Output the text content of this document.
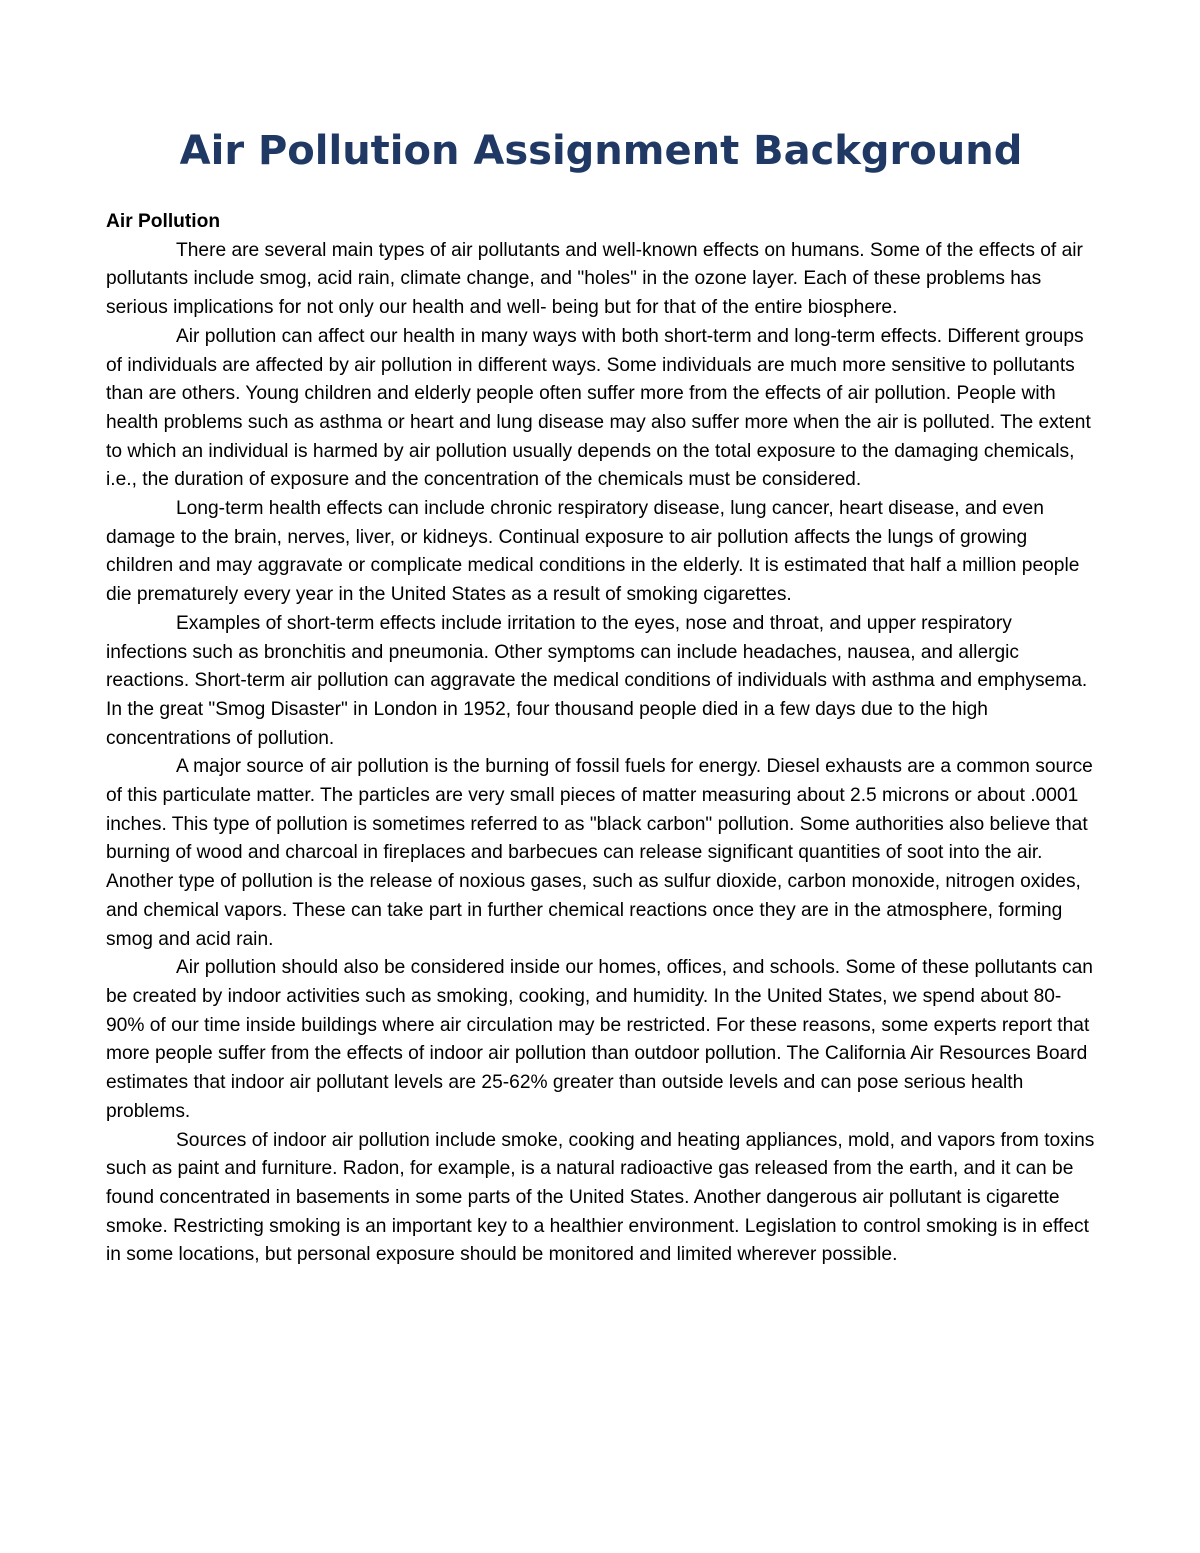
Air Pollution Assignment Background

Air Pollution

There are several main types of air pollutants and well-known effects on humans. Some of the effects of air pollutants include smog, acid rain, climate change, and "holes" in the ozone layer. Each of these problems has serious implications for not only our health and well- being but for that of the entire biosphere.

Air pollution can affect our health in many ways with both short-term and long-term effects. Different groups of individuals are affected by air pollution in different ways. Some individuals are much more sensitive to pollutants than are others. Young children and elderly people often suffer more from the effects of air pollution. People with health problems such as asthma or heart and lung disease may also suffer more when the air is polluted. The extent to which an individual is harmed by air pollution usually depends on the total exposure to the damaging chemicals, i.e., the duration of exposure and the concentration of the chemicals must be considered.

Long-term health effects can include chronic respiratory disease, lung cancer, heart disease, and even damage to the brain, nerves, liver, or kidneys. Continual exposure to air pollution affects the lungs of growing children and may aggravate or complicate medical conditions in the elderly. It is estimated that half a million people die prematurely every year in the United States as a result of smoking cigarettes.

Examples of short-term effects include irritation to the eyes, nose and throat, and upper respiratory infections such as bronchitis and pneumonia. Other symptoms can include headaches, nausea, and allergic reactions. Short-term air pollution can aggravate the medical conditions of individuals with asthma and emphysema. In the great "Smog Disaster" in London in 1952, four thousand people died in a few days due to the high concentrations of pollution.

A major source of air pollution is the burning of fossil fuels for energy. Diesel exhausts are a common source of this particulate matter. The particles are very small pieces of matter measuring about 2.5 microns or about .0001 inches. This type of pollution is sometimes referred to as "black carbon" pollution. Some authorities also believe that burning of wood and charcoal in fireplaces and barbecues can release significant quantities of soot into the air. Another type of pollution is the release of noxious gases, such as sulfur dioxide, carbon monoxide, nitrogen oxides, and chemical vapors. These can take part in further chemical reactions once they are in the atmosphere, forming smog and acid rain.

Air pollution should also be considered inside our homes, offices, and schools. Some of these pollutants can be created by indoor activities such as smoking, cooking, and humidity. In the United States, we spend about 80-90% of our time inside buildings where air circulation may be restricted. For these reasons, some experts report that more people suffer from the effects of indoor air pollution than outdoor pollution. The California Air Resources Board estimates that indoor air pollutant levels are 25-62% greater than outside levels and can pose serious health problems.

Sources of indoor air pollution include smoke, cooking and heating appliances, mold, and vapors from toxins such as paint and furniture. Radon, for example, is a natural radioactive gas released from the earth, and it can be found concentrated in basements in some parts of the United States. Another dangerous air pollutant is cigarette smoke. Restricting smoking is an important key to a healthier environment. Legislation to control smoking is in effect in some locations, but personal exposure should be monitored and limited wherever possible.
